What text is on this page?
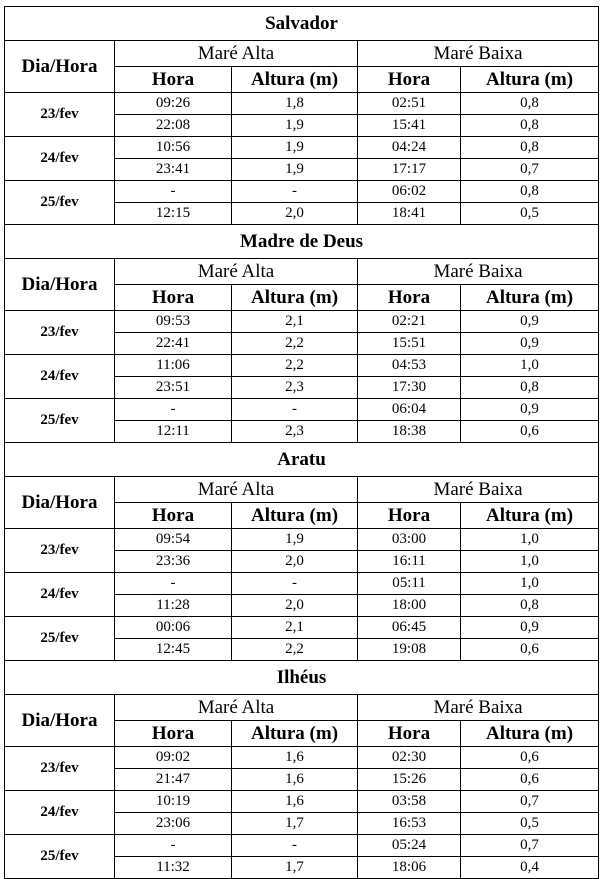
Salvador				
Dia/Hora	Maré Alta		Maré Baixa	
	Hora	Altura (m)	Hora	Altura (m)
23/fev	09:26	1,8	02:51	0,8
	22:08	1,9	15:41	0,8
24/fev	10:56	1,9	04:24	0,8
	23:41	1,9	17:17	0,7
25/fev	-	-	06:02	0,8
	12:15	2,0	18:41	0,5
Madre de Deus				
Dia/Hora	Maré Alta		Maré Baixa	
	Hora	Altura (m)	Hora	Altura (m)
23/fev	09:53	2,1	02:21	0,9
	22:41	2,2	15:51	0,9
24/fev	11:06	2,2	04:53	1,0
	23:51	2,3	17:30	0,8
25/fev	-	-	06:04	0,9
	12:11	2,3	18:38	0,6
Aratu				
Dia/Hora	Maré Alta		Maré Baixa	
	Hora	Altura (m)	Hora	Altura (m)
23/fev	09:54	1,9	03:00	1,0
	23:36	2,0	16:11	1,0
24/fev	-	-	05:11	1,0
	11:28	2,0	18:00	0,8
25/fev	00:06	2,1	06:45	0,9
	12:45	2,2	19:08	0,6
Ilhéus				
Dia/Hora	Maré Alta		Maré Baixa	
	Hora	Altura (m)	Hora	Altura (m)
23/fev	09:02	1,6	02:30	0,6
	21:47	1,6	15:26	0,6
24/fev	10:19	1,6	03:58	0,7
	23:06	1,7	16:53	0,5
25/fev	-	-	05:24	0,7
	11:32	1,7	18:06	0,4
